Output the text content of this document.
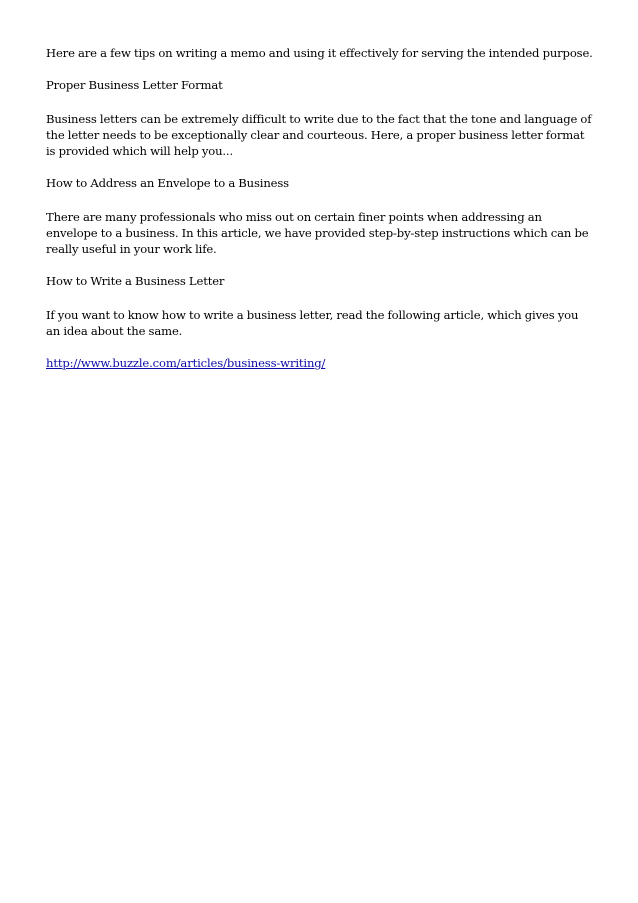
Here are a few tips on writing a memo and using it effectively for serving the intended purpose.

Proper Business Letter Format

Business letters can be extremely difficult to write due to the fact that the tone and language of the letter needs to be exceptionally clear and courteous. Here, a proper business letter format is provided which will help you...

How to Address an Envelope to a Business

There are many professionals who miss out on certain finer points when addressing an envelope to a business. In this article, we have provided step-by-step instructions which can be really useful in your work life.

How to Write a Business Letter

If you want to know how to write a business letter, read the following article, which gives you an idea about the same.

http://www.buzzle.com/articles/business-writing/
